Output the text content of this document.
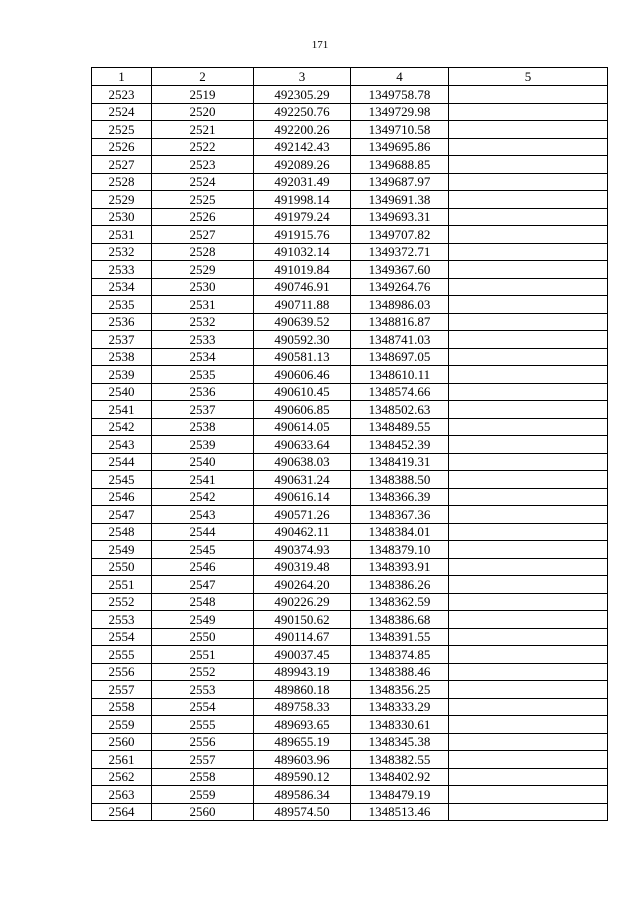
171
1	2	3	4	5
2523	2519	492305.29	1349758.78	
2524	2520	492250.76	1349729.98	
2525	2521	492200.26	1349710.58	
2526	2522	492142.43	1349695.86	
2527	2523	492089.26	1349688.85	
2528	2524	492031.49	1349687.97	
2529	2525	491998.14	1349691.38	
2530	2526	491979.24	1349693.31	
2531	2527	491915.76	1349707.82	
2532	2528	491032.14	1349372.71	
2533	2529	491019.84	1349367.60	
2534	2530	490746.91	1349264.76	
2535	2531	490711.88	1348986.03	
2536	2532	490639.52	1348816.87	
2537	2533	490592.30	1348741.03	
2538	2534	490581.13	1348697.05	
2539	2535	490606.46	1348610.11	
2540	2536	490610.45	1348574.66	
2541	2537	490606.85	1348502.63	
2542	2538	490614.05	1348489.55	
2543	2539	490633.64	1348452.39	
2544	2540	490638.03	1348419.31	
2545	2541	490631.24	1348388.50	
2546	2542	490616.14	1348366.39	
2547	2543	490571.26	1348367.36	
2548	2544	490462.11	1348384.01	
2549	2545	490374.93	1348379.10	
2550	2546	490319.48	1348393.91	
2551	2547	490264.20	1348386.26	
2552	2548	490226.29	1348362.59	
2553	2549	490150.62	1348386.68	
2554	2550	490114.67	1348391.55	
2555	2551	490037.45	1348374.85	
2556	2552	489943.19	1348388.46	
2557	2553	489860.18	1348356.25	
2558	2554	489758.33	1348333.29	
2559	2555	489693.65	1348330.61	
2560	2556	489655.19	1348345.38	
2561	2557	489603.96	1348382.55	
2562	2558	489590.12	1348402.92	
2563	2559	489586.34	1348479.19	
2564	2560	489574.50	1348513.46	
